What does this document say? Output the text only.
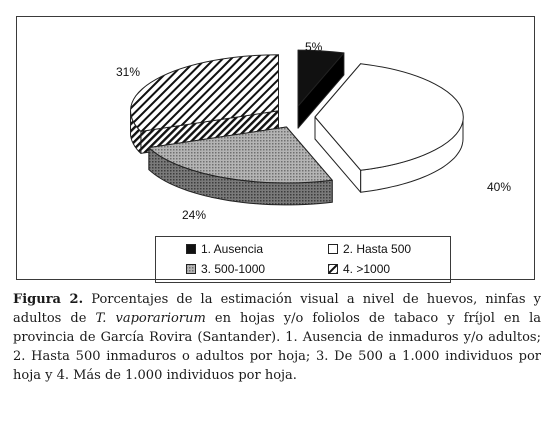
5%
40%
24%
31%
1. Ausencia	2. Hasta 500
3. 500-1000	4. >1000
Figura 2. Porcentajes de la estimación visual a nivel de huevos, ninfas y adultos de T. vaporariorum en hojas y/o foliolos de tabaco y fríjol en la provincia de García Rovira (Santander). 1. Ausencia de inmaduros y/o adultos; 2. Hasta 500 inmaduros o adultos por hoja; 3. De 500 a 1.000 individuos por hoja y 4. Más de 1.000 individuos por hoja.
